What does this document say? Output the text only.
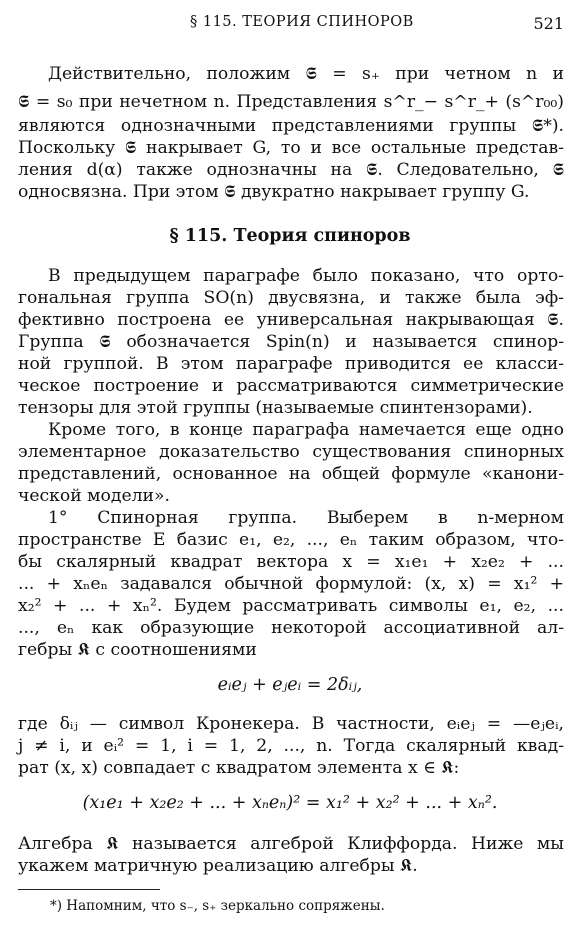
§ 115. ТЕОРИЯ СПИНОРОВ	521
Действительно, положим 𝕾 = s₊ при четном n и
𝕾 = s₀ при нечетном n. Представления s^r_− s^r_+ (s^r₀₀)
являются однозначными представлениями группы 𝕾*).
Поскольку 𝕾 накрывает G, то и все остальные представ-
ления d(α) также однозначны на 𝕾. Следовательно, 𝕾
односвязна. При этом 𝕾 двукратно накрывает группу G.
§ 115. Теория спиноров
В предыдущем параграфе было показано, что орто-
гональная группа SO(n) двусвязна, и также была эф-
фективно построена ее универсальная накрывающая 𝕾.
Группа 𝕾 обозначается Spin(n) и называется спинор-
ной группой. В этом параграфе приводится ее класси-
ческое построение и рассматриваются симметрические
тензоры для этой группы (называемые спинтензорами).
Кроме того, в конце параграфа намечается еще одно
элементарное доказательство существования спинорных
представлений, основанное на общей формуле «канони-
ческой модели».
1° Спинорная группа. Выберем в n-мерном
пространстве E базис e₁, e₂, ..., eₙ таким образом, что-
бы скалярный квадрат вектора x = x₁e₁ + x₂e₂ + ...
... + xₙeₙ задавался обычной формулой: (x, x) = x₁² +
x₂² + ... + xₙ². Будем рассматривать символы e₁, e₂, ...
..., eₙ как образующие некоторой ассоциативной ал-
гебры 𝕶 с соотношениями
eᵢeⱼ + eⱼeᵢ = 2δᵢⱼ,
где δᵢⱼ — символ Кронекера. В частности, eᵢeⱼ = —eⱼeᵢ,
j ≠ i, и eᵢ² = 1, i = 1, 2, ..., n. Тогда скалярный квад-
рат (x, x) совпадает с квадратом элемента x ∈ 𝕶:
(x₁e₁ + x₂e₂ + ... + xₙeₙ)² = x₁² + x₂² + ... + xₙ².
Алгебра 𝕶 называется алгеброй Клиффорда. Ниже мы
укажем матричную реализацию алгебры 𝕶.
*) Напомним, что s₋, s₊ зеркально сопряжены.
